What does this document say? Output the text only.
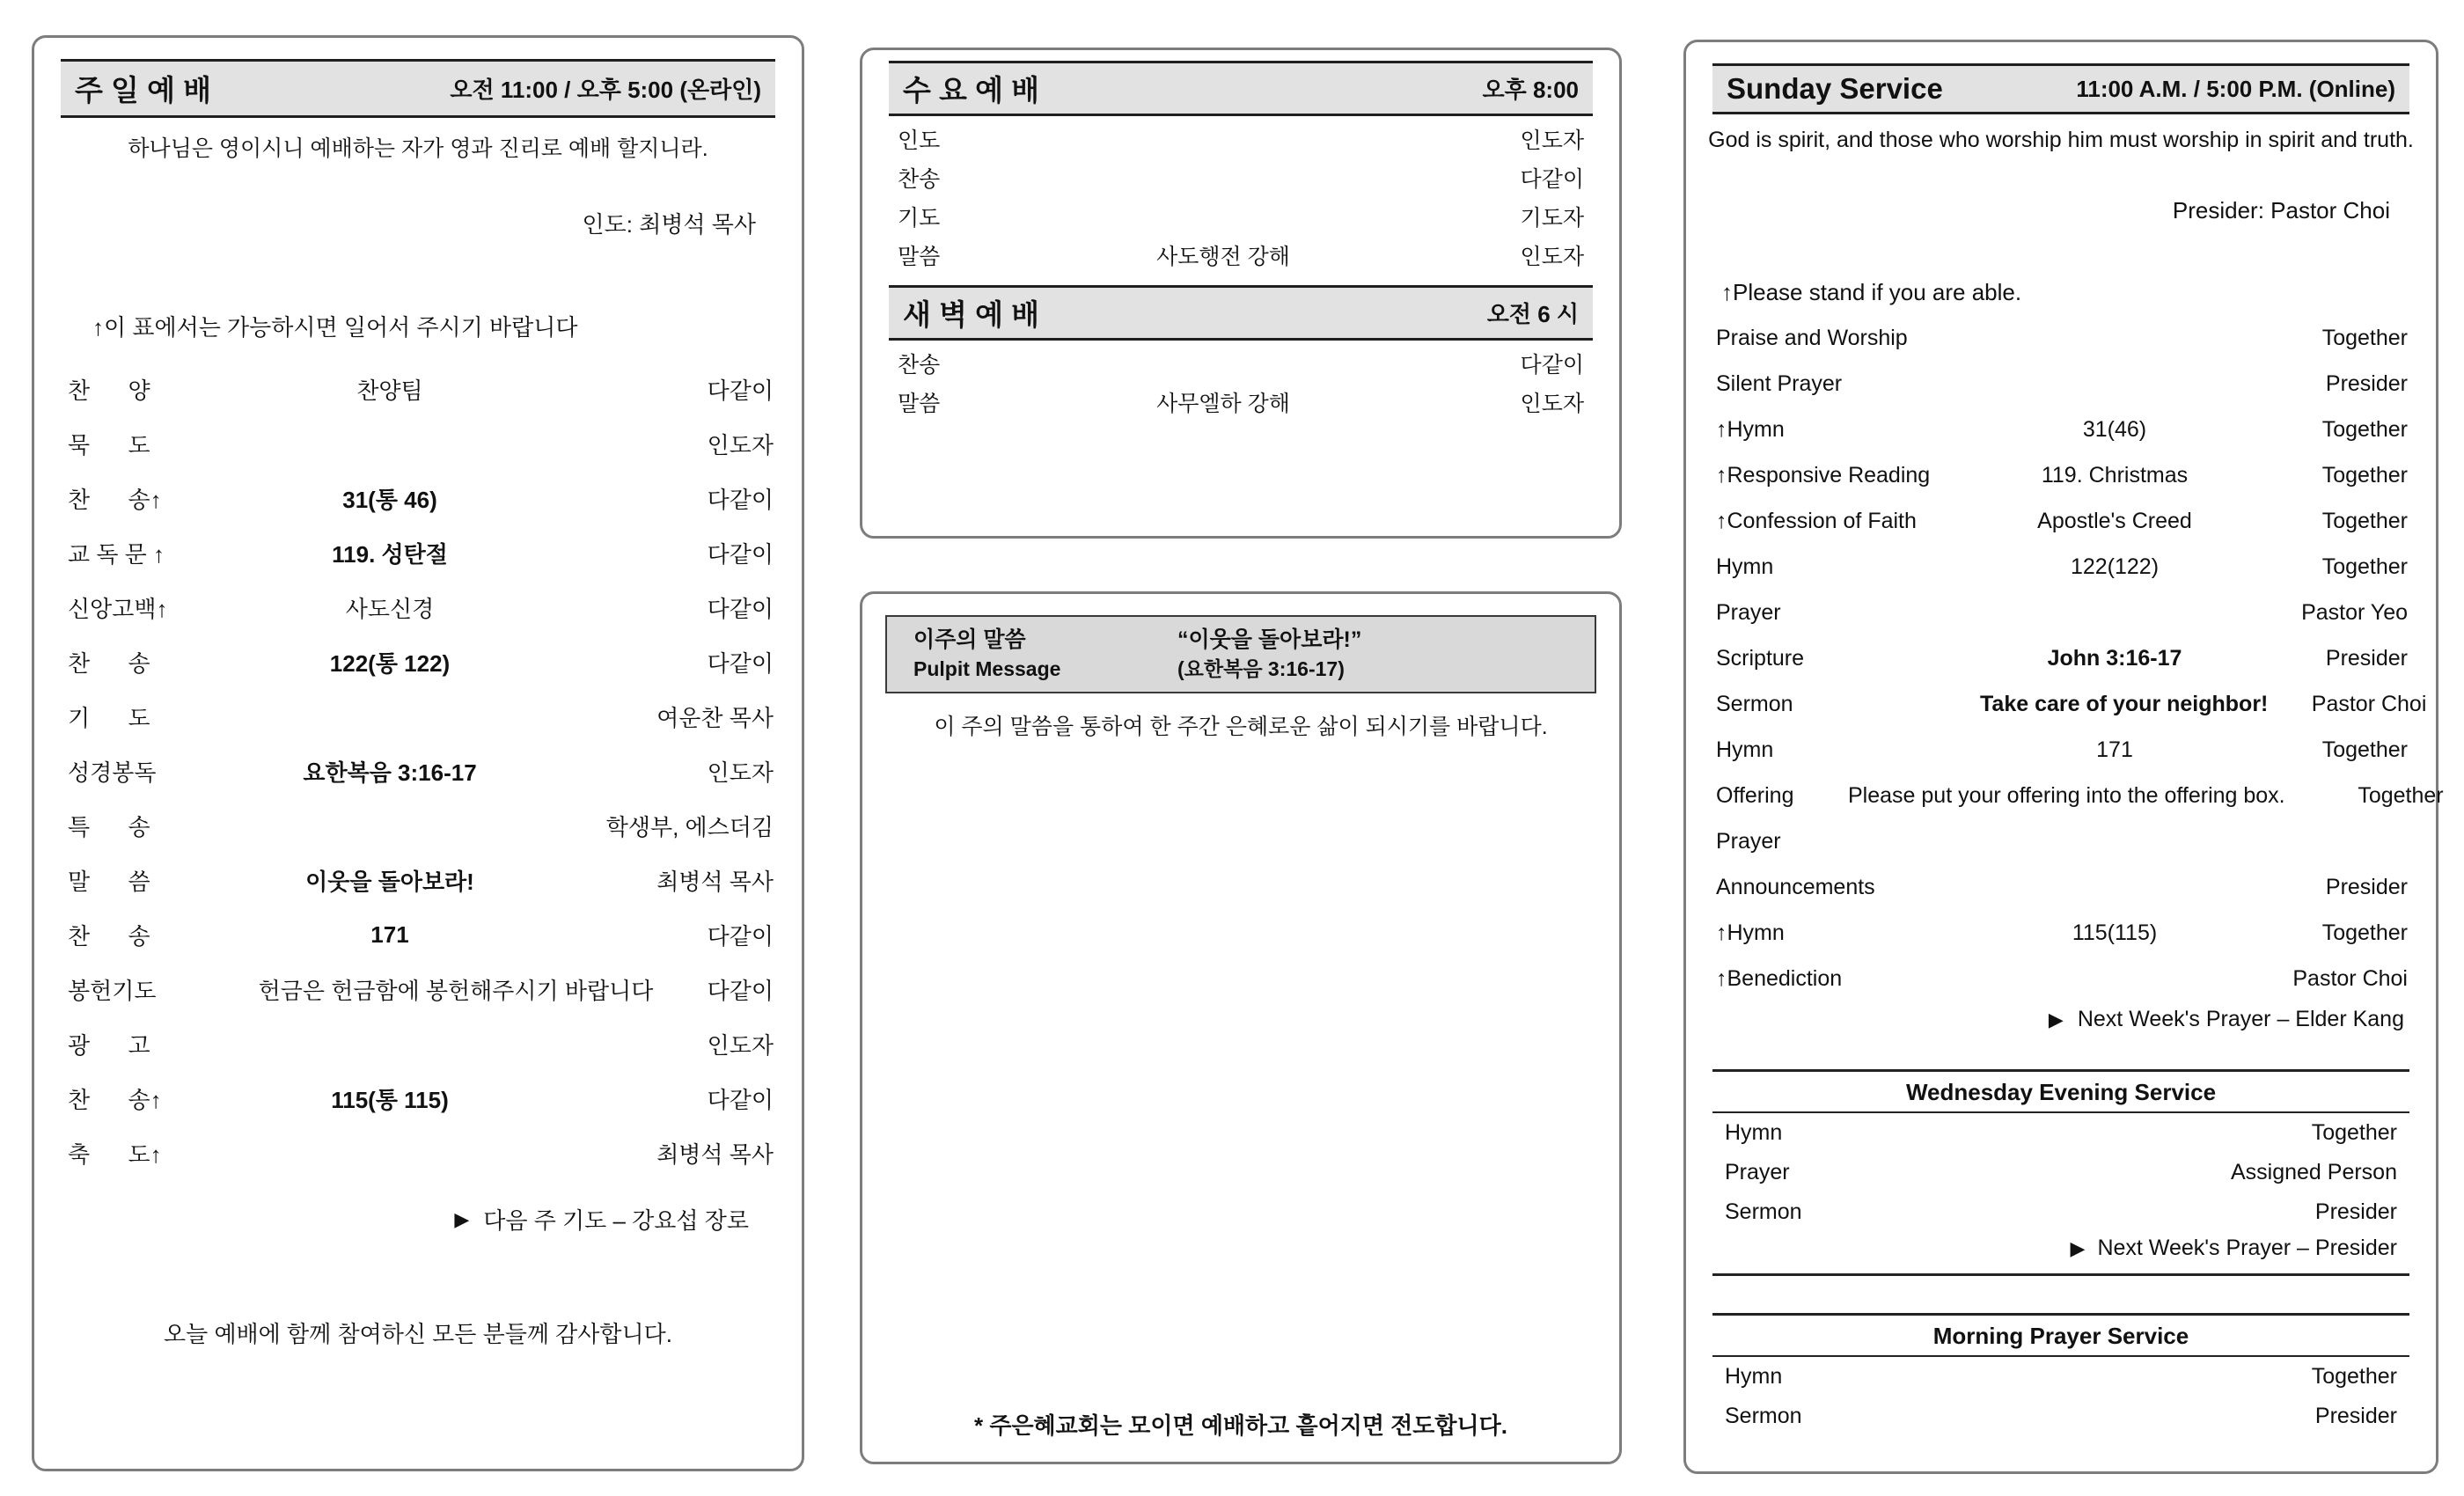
주 일 예 배	오전 11:00 / 오후 5:00 (온라인)
하나님은 영이시니 예배하는 자가 영과 진리로 예배 할지니라.
인도: 최병석 목사
↑이 표에서는 가능하시면 일어서 주시기 바랍니다
찬      양	찬양팀	다같이
묵      도	인도자
찬      송↑	31(통 46)	다같이
교 독 문 ↑	119. 성탄절	다같이
신앙고백↑	사도신경	다같이
찬      송	122(통 122)	다같이
기      도	여운찬 목사
성경봉독	요한복음 3:16-17	인도자
특      송	학생부, 에스더김
말      씀	이웃을 돌아보라!	최병석 목사
찬      송	171	다같이
봉헌기도	헌금은 헌금함에 봉헌해주시기 바랍니다	다같이
광      고	인도자
찬      송↑	115(통 115)	다같이
축      도↑	최병석 목사
▶ 다음 주 기도 – 강요섭 장로
오늘 예배에 함께 참여하신 모든 분들께 감사합니다.
수 요 예 배	오후 8:00
인도	인도자
찬송	다같이
기도	기도자
말씀	사도행전 강해	인도자
새 벽 예 배	오전 6 시
찬송	다같이
말씀	사무엘하 강해	인도자
이주의 말씀
Pulpit Message
“이웃을 돌아보라!”
(요한복음 3:16-17)
이 주의 말씀을 통하여 한 주간 은혜로운 삶이 되시기를 바랍니다.
* 주은혜교회는 모이면 예배하고 흩어지면 전도합니다.
Sunday Service	11:00 A.M. / 5:00 P.M. (Online)
God is spirit, and those who worship him must worship in spirit and truth.
Presider: Pastor Choi
↑Please stand if you are able.
Praise and Worship	Together
Silent Prayer	Presider
↑Hymn	31(46)	Together
↑Responsive Reading	119. Christmas	Together
↑Confession of Faith	Apostle's Creed	Together
Hymn	122(122)	Together
Prayer	Pastor Yeo
Scripture	John 3:16-17	Presider
Sermon	Take care of your neighbor!	Pastor Choi
Hymn	171	Together
Offering	Please put your offering into the offering box.	Together
Prayer
Announcements	Presider
↑Hymn	115(115)	Together
↑Benediction	Pastor Choi
▶ Next Week's Prayer – Elder Kang
Wednesday Evening Service
Hymn	Together
Prayer	Assigned Person
Sermon	Presider
▶ Next Week's Prayer – Presider
Morning Prayer Service
Hymn	Together
Sermon	Presider
